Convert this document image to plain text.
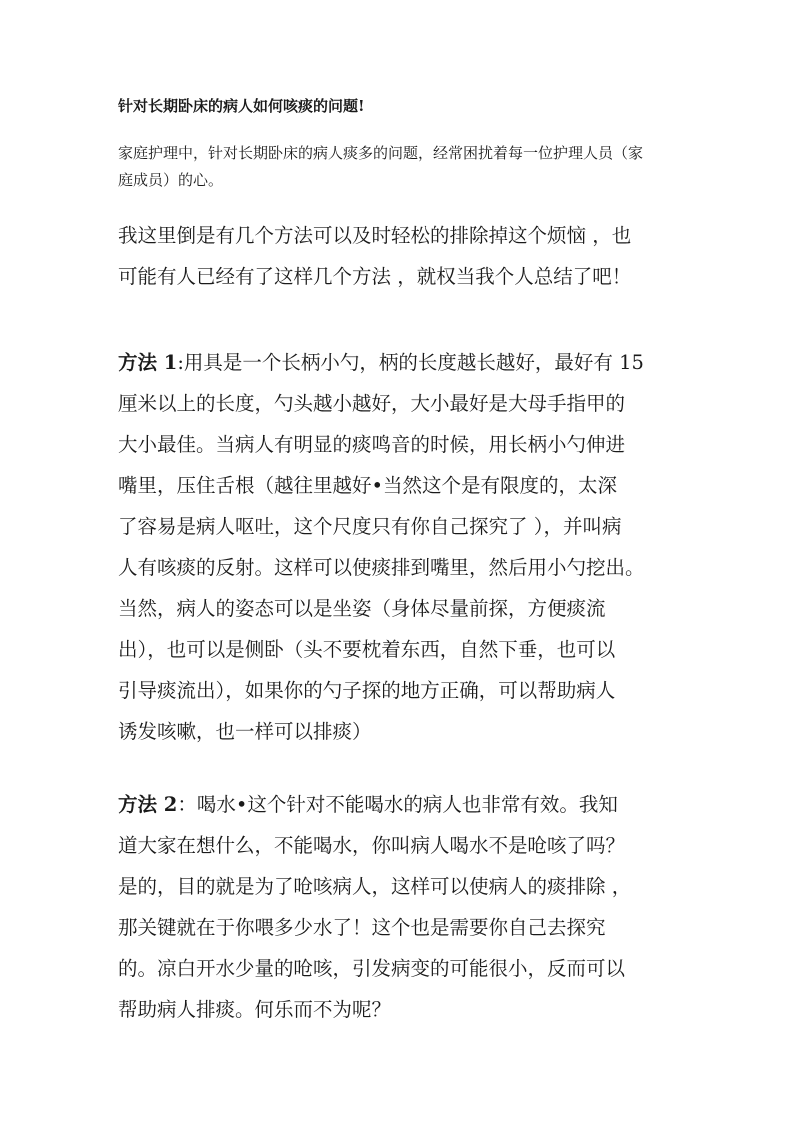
针对长期卧床的病人如何咳痰的问题!
家庭护理中，针对长期卧床的病人痰多的问题，经常困扰着每一位护理人员（家
庭成员）的心。
我这里倒是有几个方法可以及时轻松的排除掉这个烦恼 ，也
可能有人已经有了这样几个方法 ，就权当我个人总结了吧！
方法 1:用具是一个长柄小勺，柄的长度越长越好，最好有 15
厘米以上的长度，勺头越小越好，大小最好是大母手指甲的
大小最佳。当病人有明显的痰鸣音的时候，用长柄小勺伸进
嘴里，压住舌根（越往里越好•当然这个是有限度的，太深
了容易是病人呕吐，这个尺度只有你自己探究了 ），并叫病
人有咳痰的反射。这样可以使痰排到嘴里，然后用小勺挖出。
当然，病人的姿态可以是坐姿（身体尽量前探，方便痰流
出），也可以是侧卧（头不要枕着东西，自然下垂，也可以
引导痰流出），如果你的勺子探的地方正确，可以帮助病人
诱发咳嗽，也一样可以排痰）
方法 2：喝水•这个针对不能喝水的病人也非常有效。我知
道大家在想什么，不能喝水，你叫病人喝水不是呛咳了吗？
是的，目的就是为了呛咳病人，这样可以使病人的痰排除 ，
那关键就在于你喂多少水了！这个也是需要你自己去探究
的。凉白开水少量的呛咳，引发病变的可能很小，反而可以
帮助病人排痰。何乐而不为呢？
